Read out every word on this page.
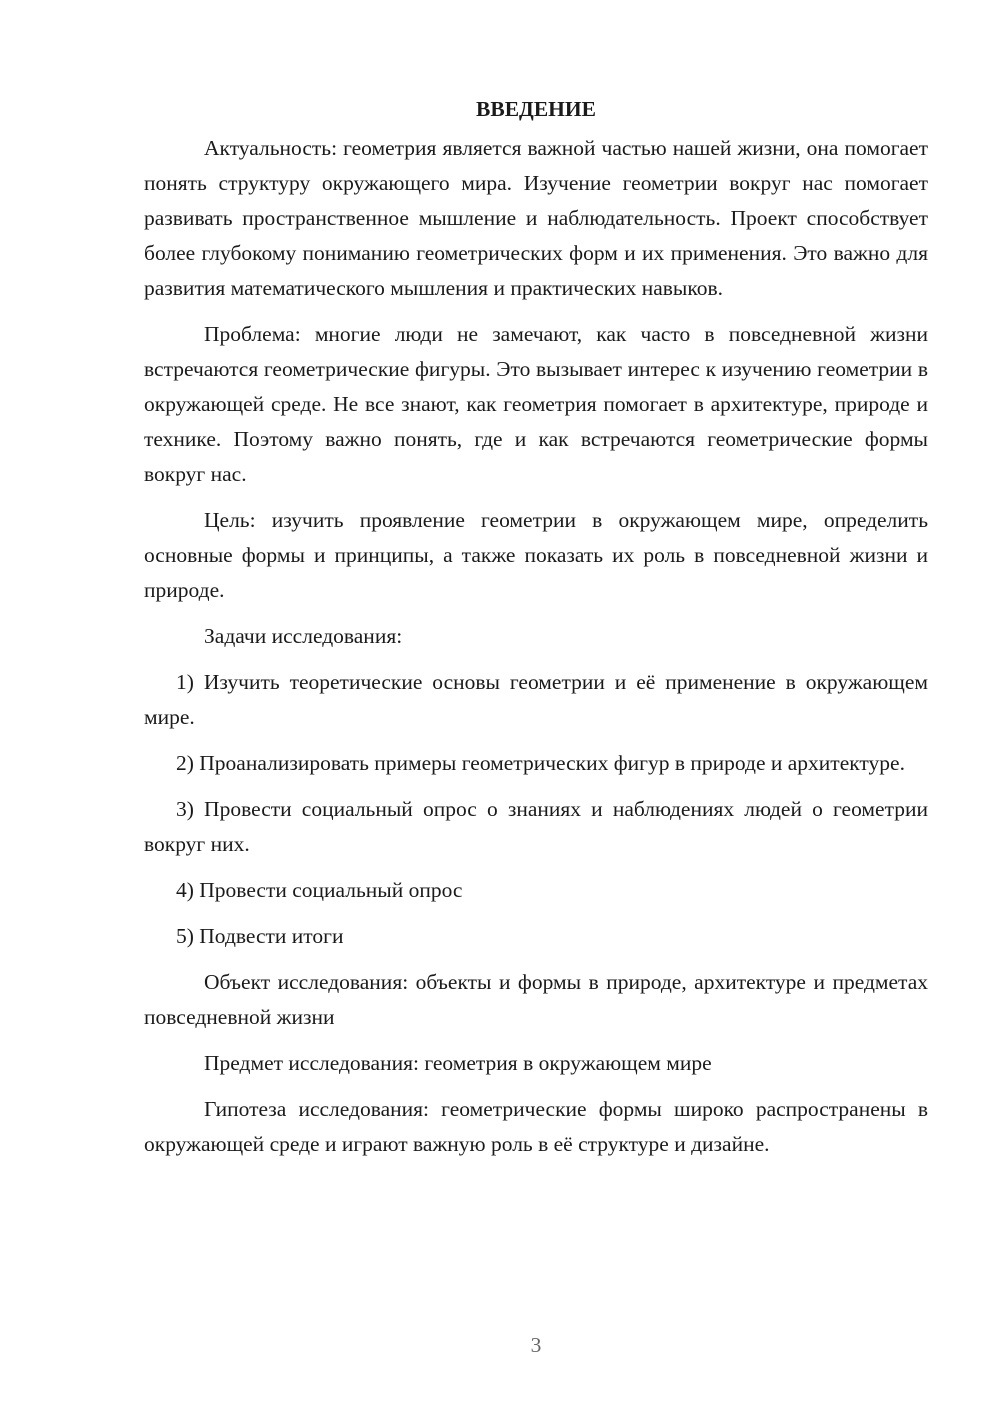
ВВЕДЕНИЕ

Актуальность: геометрия является важной частью нашей жизни, она помогает понять структуру окружающего мира. Изучение геометрии вокруг нас помогает развивать пространственное мышление и наблюдательность. Проект способствует более глубокому пониманию геометрических форм и их применения. Это важно для развития математического мышления и практических навыков.

Проблема: многие люди не замечают, как часто в повседневной жизни встречаются геометрические фигуры. Это вызывает интерес к изучению геометрии в окружающей среде. Не все знают, как геометрия помогает в архитектуре, природе и технике. Поэтому важно понять, где и как встречаются геометрические формы вокруг нас.

Цель: изучить проявление геометрии в окружающем мире, определить основные формы и принципы, а также показать их роль в повседневной жизни и природе.

Задачи исследования:

1) Изучить теоретические основы геометрии и её применение в окружающем мире.

2) Проанализировать примеры геометрических фигур в природе и архитектуре.

3) Провести социальный опрос о знаниях и наблюдениях людей о геометрии вокруг них.

4) Провести социальный опрос

5) Подвести итоги

Объект исследования: объекты и формы в природе, архитектуре и предметах повседневной жизни

Предмет исследования: геометрия в окружающем мире

Гипотеза исследования: геометрические формы широко распространены в окружающей среде и играют важную роль в её структуре и дизайне.

3
